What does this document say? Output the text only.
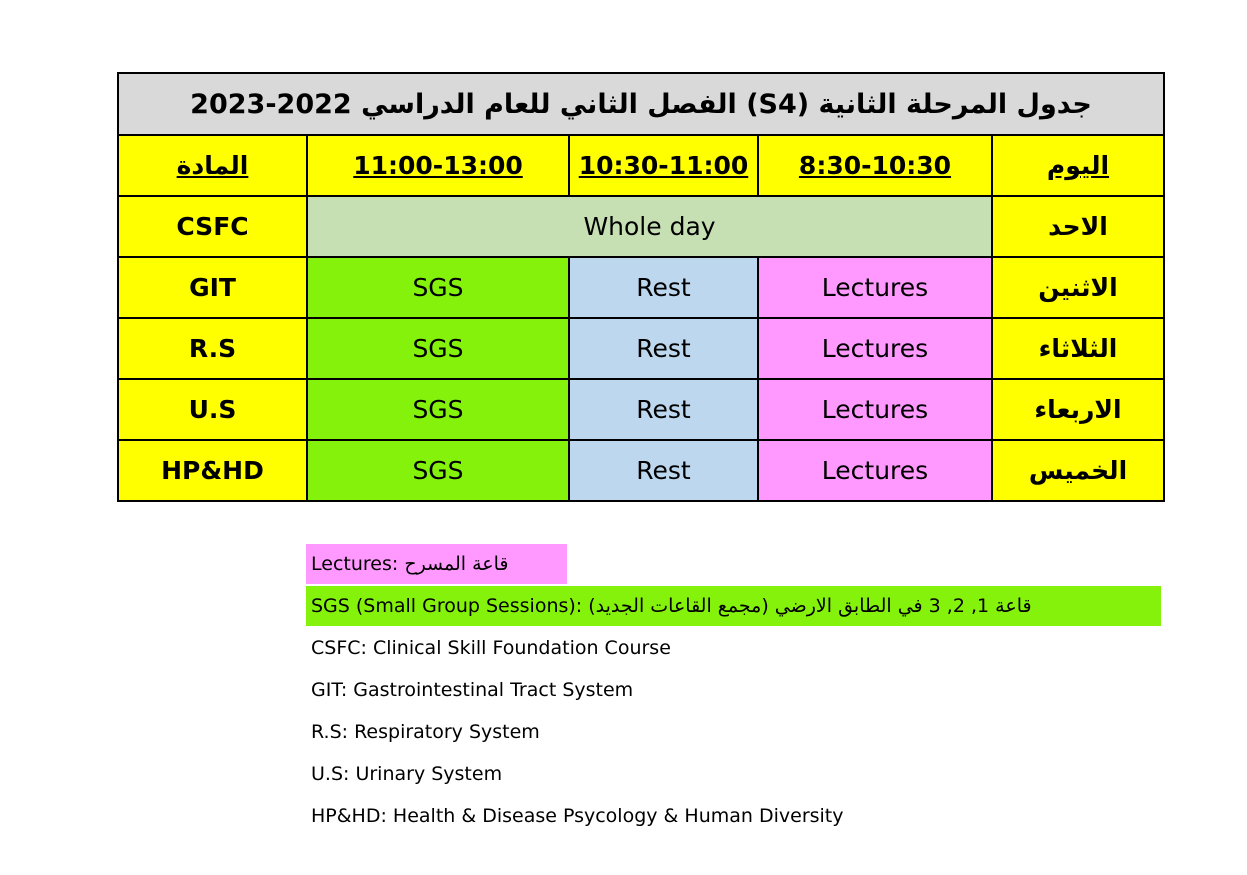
جدول المرحلة الثانية (S4) الفصل الثاني للعام الدراسي 2022-2023				
المادة	11:00-13:00	10:30-11:00	8:30-10:30	اليوم
CSFC	Whole day			الاحد
GIT	SGS	Rest	Lectures	الاثنين
R.S	SGS	Rest	Lectures	الثلاثاء
U.S	SGS	Rest	Lectures	الاربعاء
HP&HD	SGS	Rest	Lectures	الخميس
Lectures: قاعة المسرح
SGS (Small Group Sessions): قاعة 1, 2, 3 في الطابق الارضي (مجمع القاعات الجديد)
CSFC: Clinical Skill Foundation Course
GIT: Gastrointestinal Tract System
R.S: Respiratory System
U.S: Urinary System
HP&HD: Health & Disease Psycology & Human Diversity
